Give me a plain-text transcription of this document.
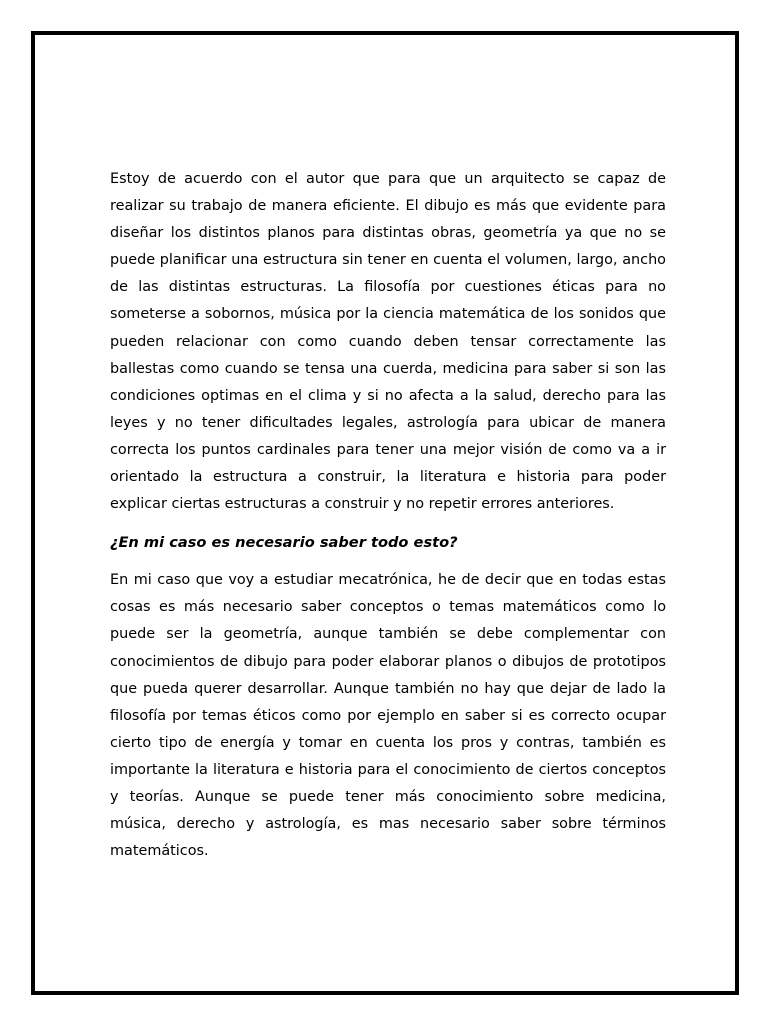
Estoy de acuerdo con el autor que para que un arquitecto se capaz de realizar su trabajo de manera eficiente. El dibujo es más que evidente para diseñar los distintos planos para distintas obras, geometría ya que no se puede planificar una estructura sin tener en cuenta el volumen, largo, ancho de las distintas estructuras. La filosofía por cuestiones éticas para no someterse a sobornos, música por la ciencia matemática de los sonidos que pueden relacionar con como cuando deben tensar correctamente las ballestas como cuando se tensa una cuerda, medicina para saber si son las condiciones optimas en el clima y si no afecta a la salud, derecho para las leyes y no tener dificultades legales, astrología para ubicar de manera correcta los puntos cardinales para tener una mejor visión de como va a ir orientado la estructura a construir, la literatura e historia para poder explicar ciertas estructuras a construir y no repetir errores anteriores.

¿En mi caso es necesario saber todo esto?

En mi caso que voy a estudiar mecatrónica, he de decir que en todas estas cosas es más necesario saber conceptos o temas matemáticos como lo puede ser la geometría, aunque también se debe complementar con conocimientos de dibujo para poder elaborar planos o dibujos de prototipos que pueda querer desarrollar. Aunque también no hay que dejar de lado la filosofía por temas éticos como por ejemplo en saber si es correcto ocupar cierto tipo de energía y tomar en cuenta los pros y contras, también es importante la literatura e historia para el conocimiento de ciertos conceptos y teorías. Aunque se puede tener más conocimiento sobre medicina, música, derecho y astrología, es mas necesario saber sobre términos matemáticos.
